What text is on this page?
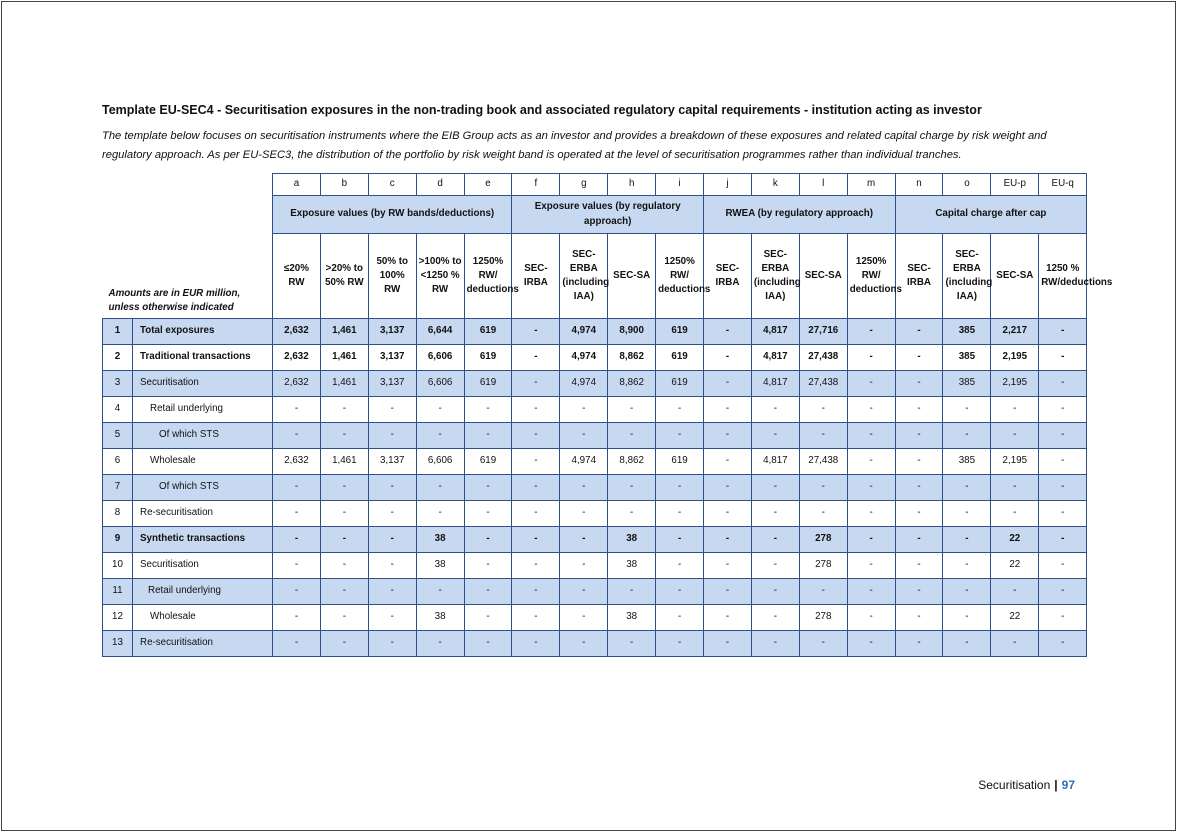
Template EU-SEC4 - Securitisation exposures in the non-trading book and associated regulatory capital requirements - institution acting as investor
The template below focuses on securitisation instruments where the EIB Group acts as an investor and provides a breakdown of these exposures and related capital charge by risk weight and regulatory approach. As per EU-SEC3, the distribution of the portfolio by risk weight band is operated at the level of securitisation programmes rather than individual tranches.
		a	b	c	d	e	f	g	h	i	j	k	l	m	n	o	EU-p	EU-q

Amounts are in EUR million,
unless otherwise indicated		Exposure values (by RW bands/deductions)					Exposure values (by regulatory approach)				RWEA (by regulatory approach)				Capital charge after cap			
		≤20% RW	>20% to 50% RW	50% to 100% RW	>100% to <1250 % RW	1250% RW/ deductions	SEC-IRBA	SEC-ERBA (including IAA)	SEC-SA	1250% RW/ deductions	SEC-IRBA	SEC-ERBA (including IAA)	SEC-SA	1250% RW/ deductions	SEC-IRBA	SEC-ERBA (including IAA)	SEC-SA	1250 % RW/deductions
1	Total exposures	2,632	1,461	3,137	6,644	619	-	4,974	8,900	619	-	4,817	27,716	-	-	385	2,217	-
2	Traditional transactions	2,632	1,461	3,137	6,606	619	-	4,974	8,862	619	-	4,817	27,438	-	-	385	2,195	-
3	Securitisation	2,632	1,461	3,137	6,606	619	-	4,974	8,862	619	-	4,817	27,438	-	-	385	2,195	-
4	Retail underlying	-	-	-	-	-	-	-	-	-	-	-	-	-	-	-	-	-
5	Of which STS	-	-	-	-	-	-	-	-	-	-	-	-	-	-	-	-	-
6	Wholesale	2,632	1,461	3,137	6,606	619	-	4,974	8,862	619	-	4,817	27,438	-	-	385	2,195	-
7	Of which STS	-	-	-	-	-	-	-	-	-	-	-	-	-	-	-	-	-
8	Re-securitisation	-	-	-	-	-	-	-	-	-	-	-	-	-	-	-	-	-
9	Synthetic transactions	-	-	-	38	-	-	-	38	-	-	-	278	-	-	-	22	-
10	Securitisation	-	-	-	38	-	-	-	38	-	-	-	278	-	-	-	22	-
11	Retail underlying	-	-	-	-	-	-	-	-	-	-	-	-	-	-	-	-	-
12	Wholesale	-	-	-	38	-	-	-	38	-	-	-	278	-	-	-	22	-
13	Re-securitisation	-	-	-	-	-	-	-	-	-	-	-	-	-	-	-	-	-
Securitisation | 97
